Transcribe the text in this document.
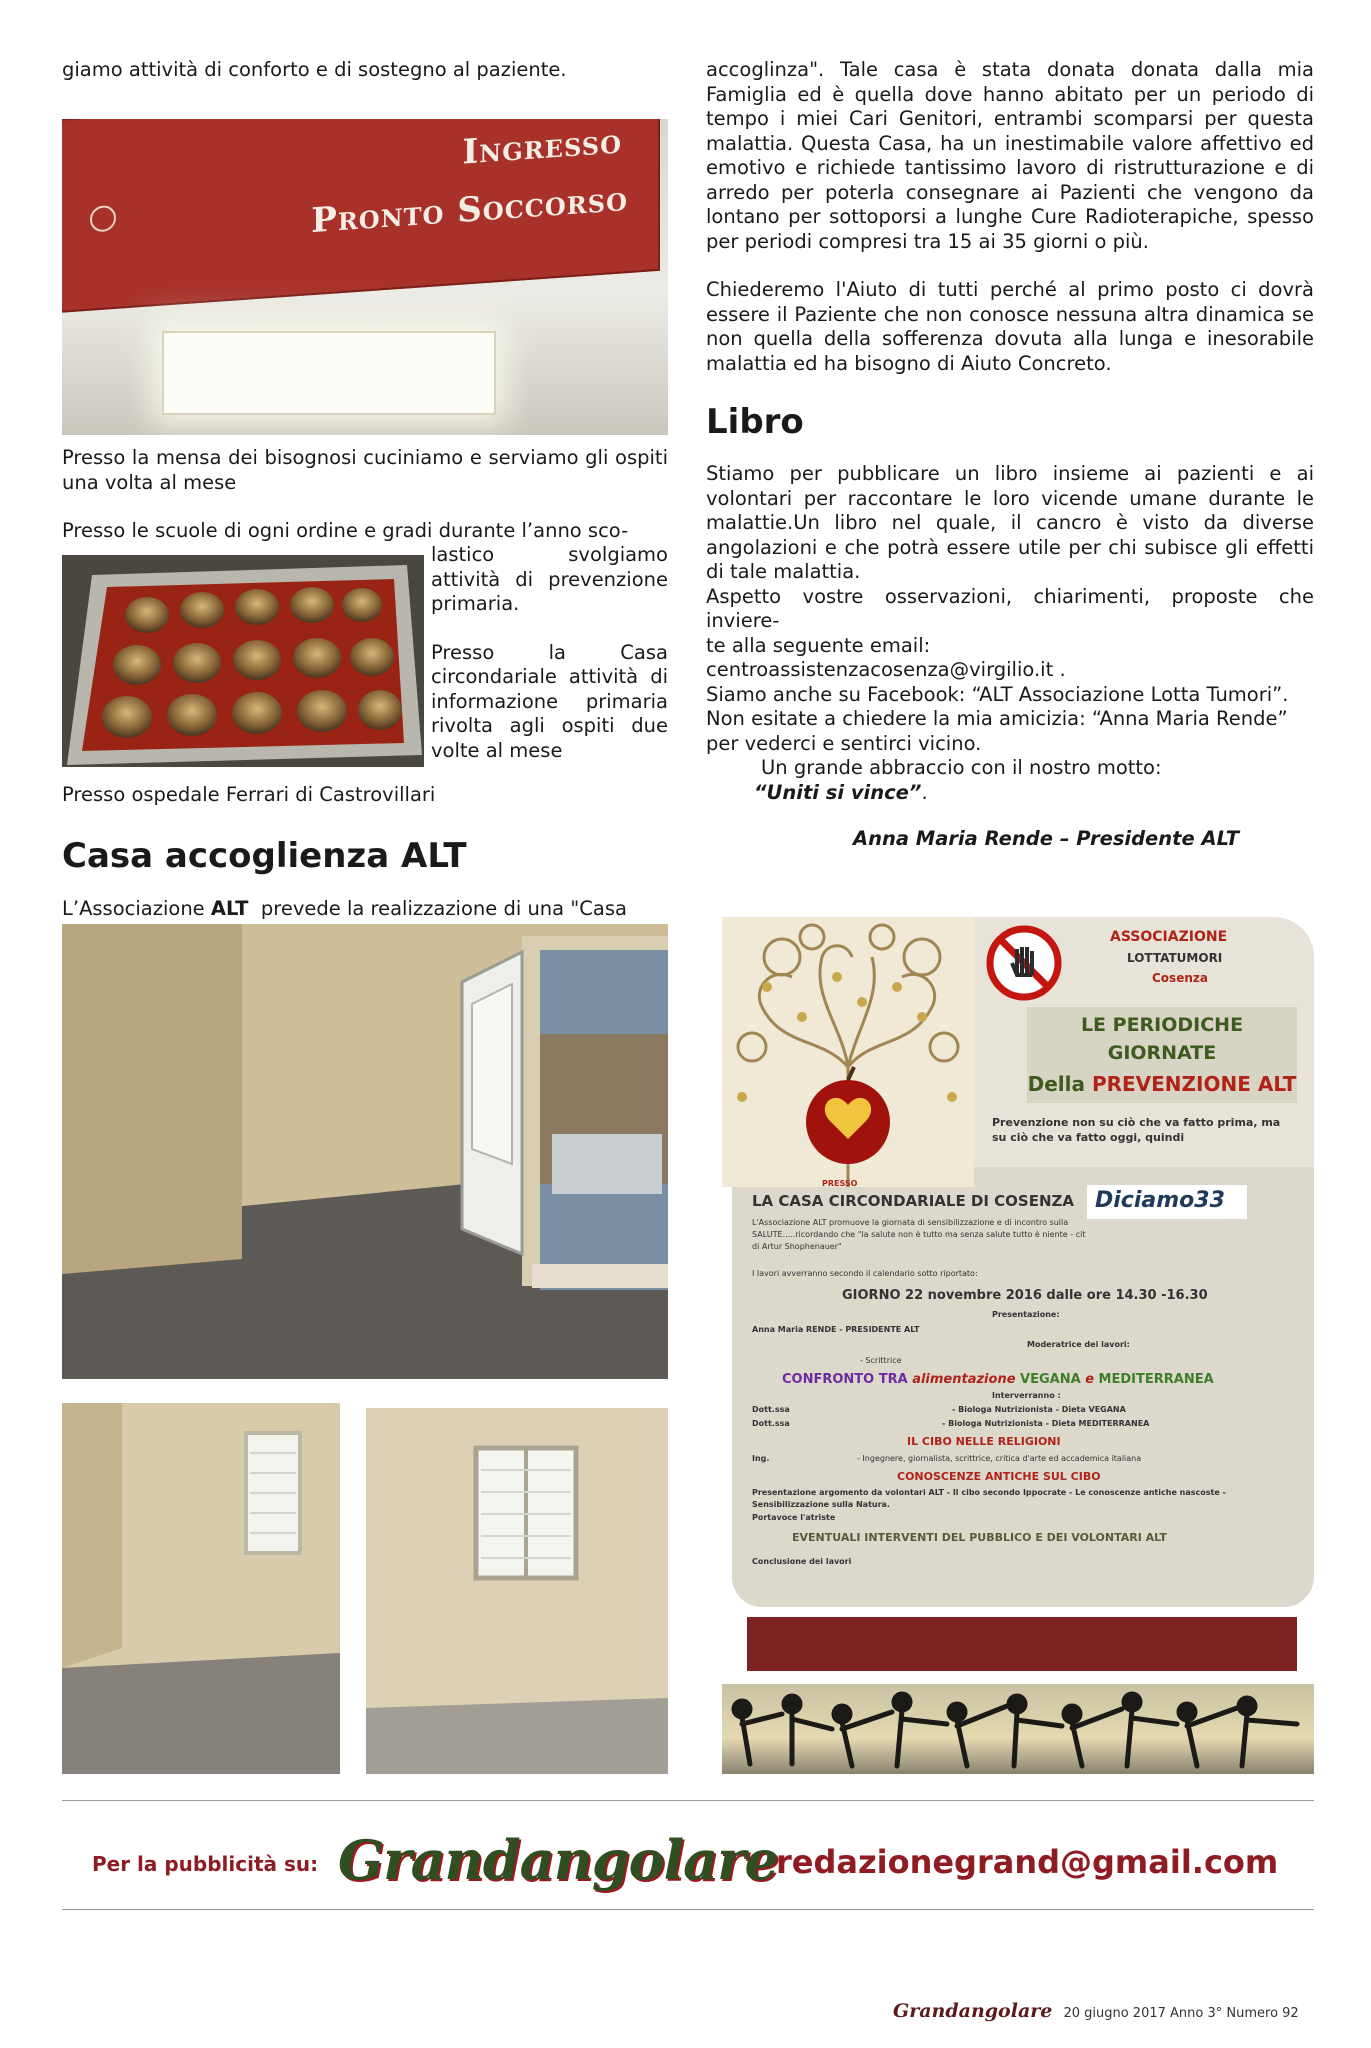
giamo attività di conforto e di sostegno al paziente.

Ingresso
Pronto Soccorso

Presso la mensa dei bisognosi cuciniamo e serviamo gli ospiti una volta al mese

Presso le scuole di ogni ordine e gradi durante l’anno sco-

lastico svolgiamo attività di prevenzione primaria.

Presso la Casa circondariale attività di informazione primaria rivolta agli ospiti due volte al mese

Presso ospedale Ferrari di Castrovillari

Casa accoglienza ALT

L’Associazione ALT  prevede la realizzazione di una "Casa

accoglinza". Tale casa è stata donata donata dalla mia Famiglia ed è quella dove hanno abitato per un periodo di tempo i miei Cari Genitori, entrambi scomparsi per questa malattia. Questa Casa, ha un inestimabile valore affettivo ed emotivo e richiede tantissimo lavoro di ristrutturazione e di arredo per poterla consegnare ai Pazienti che vengono da lontano per sottoporsi a lunghe Cure Radioterapiche, spesso per periodi compresi tra 15 ai 35 giorni o più.

Chiederemo l'Aiuto di tutti perché al primo posto ci dovrà essere il Paziente che non conosce nessuna altra dinamica se non quella della sofferenza dovuta alla lunga e inesorabile malattia ed ha bisogno di Aiuto Concreto.

Libro

Stiamo per pubblicare un libro insieme ai pazienti e ai volontari per raccontare le loro vicende umane durante le malattie.Un libro nel quale, il cancro è visto da diverse angolazioni e che potrà essere utile per chi subisce gli effetti di tale malattia.

Aspetto vostre osservazioni, chiarimenti, proposte che inviere-

te alla seguente email:

centroassistenzacosenza@virgilio.it .

Siamo anche su Facebook: “ALT Associazione Lotta Tumori”.

Non esitate a chiedere la mia amicizia: “Anna Maria Rende”

per vederci e sentirci vicino.

Un grande abbraccio con il nostro motto:

“Uniti si vince”.

Anna Maria Rende – Presidente ALT

ASSOCIAZIONE
LOTTATUMORI
Cosenza
LE PERIODICHE
GIORNATE
Della PREVENZIONE ALT
Prevenzione non su ciò che va fatto prima, ma su ciò che va fatto oggi, quindi
PRESSO
LA CASA CIRCONDARIALE DI COSENZA Diciamo33
L'Associazione ALT promuove la giornata di sensibilizzazione e di incontro sulla SALUTE.....ricordando che "la salute non è tutto ma senza salute tutto è niente - cit di Artur Shophenauer"
I lavori avverranno secondo il calendario sotto riportato:
GIORNO 22 novembre 2016 dalle ore 14.30 -16.30
Presentazione:
Anna Maria RENDE - PRESIDENTE ALT
Moderatrice dei lavori:
- Scrittrice
CONFRONTO TRA alimentazione VEGANA e MEDITERRANEA
Interverranno :
Dott.ssa	- Biologa Nutrizionista - Dieta VEGANA
Dott.ssa	- Biologa Nutrizionista - Dieta MEDITERRANEA
IL CIBO NELLE RELIGIONI
Ing.	- Ingegnere, giornalista, scrittrice, critica d'arte ed accademica italiana
CONOSCENZE ANTICHE SUL CIBO
Presentazione argomento da volontari ALT - Il cibo secondo Ippocrate - Le conoscenze antiche nascoste - Sensibilizzazione sulla Natura.
Portavoce l'atriste
EVENTUALI INTERVENTI DEL PUBBLICO E DEI VOLONTARI ALT
Conclusione dei lavori
Per la pubblicità su: Grandangolare
redazionegrand@gmail.com
Grandangolare 20 giugno 2017 Anno 3° Numero 92
